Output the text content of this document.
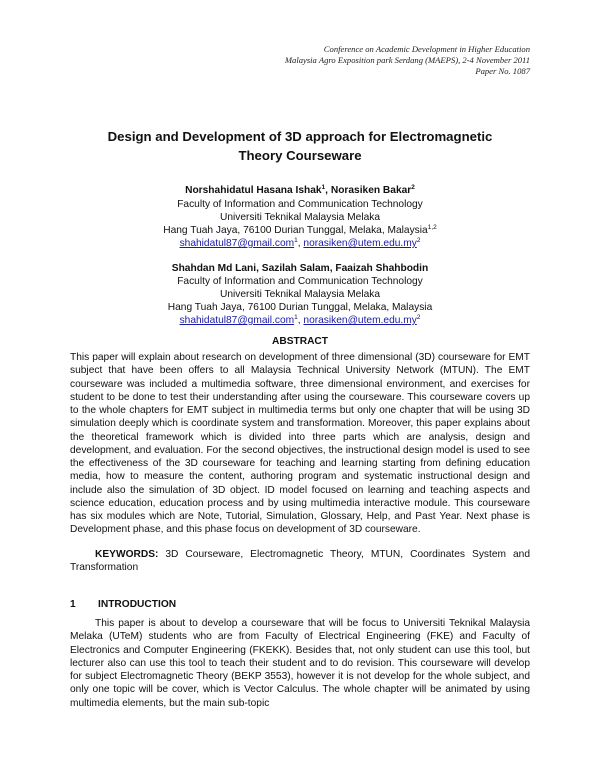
Conference on Academic Development in Higher Education
Malaysia Agro Exposition park Serdang (MAEPS), 2-4 November 2011
Paper No. 1087
Design and Development of 3D approach for Electromagnetic
Theory Courseware
Norshahidatul Hasana Ishak$^1$, Norasiken Bakar$^2$
Faculty of Information and Communication Technology
Universiti Teknikal Malaysia Melaka
Hang Tuah Jaya, 76100 Durian Tunggal, Melaka, Malaysia$^{1,2}$
shahidatul87@gmail.com$^1$, $norasiken@utem.edu.my^2$
Shahdan Md Lani, Sazilah Salam, Faaizah Shahbodin
Faculty of Information and Communication Technology
Universiti Teknikal Malaysia Melaka
Hang Tuah Jaya, 76100 Durian Tunggal, Melaka, Malaysia
shahidatul87@gmail.com$^1$, $norasiken@utem.edu.my^2$
ABSTRACT

This paper will explain about research on development of three dimensional (3D) courseware for EMT subject that have been offers to all Malaysia Technical University Network (MTUN). The EMT courseware was included a multimedia software, three dimensional environment, and exercises for student to be done to test their understanding after using the courseware. This courseware covers up to the whole chapters for EMT subject in multimedia terms but only one chapter that will be using 3D simulation deeply which is coordinate system and transformation. Moreover, this paper explains about the theoretical framework which is divided into three parts which are analysis, design and development, and evaluation. For the second objectives, the instructional design model is used to see the effectiveness of the 3D courseware for teaching and learning starting from defining education media, how to measure the content, authoring program and systematic instructional design and include also the simulation of 3D object. ID model focused on learning and teaching aspects and science education, education process and by using multimedia interactive module. This courseware has six modules which are Note, Tutorial, Simulation, Glossary, Help, and Past Year. Next phase is Development phase, and this phase focus on development of 3D courseware.

KEYWORDS: 3D Courseware, Electromagnetic Theory, MTUN, Coordinates System and Transformation

1 INTRODUCTION

This paper is about to develop a courseware that will be focus to Universiti Teknikal Malaysia Melaka (UTeM) students who are from Faculty of Electrical Engineering (FKE) and Faculty of Electronics and Computer Engineering (FKEKK). Besides that, not only student can use this tool, but lecturer also can use this tool to teach their student and to do revision. This courseware will develop for subject Electromagnetic Theory (BEKP 3553), however it is not develop for the whole subject, and only one topic will be cover, which is Vector Calculus. The whole chapter will be animated by using multimedia elements, but the main sub-topic
